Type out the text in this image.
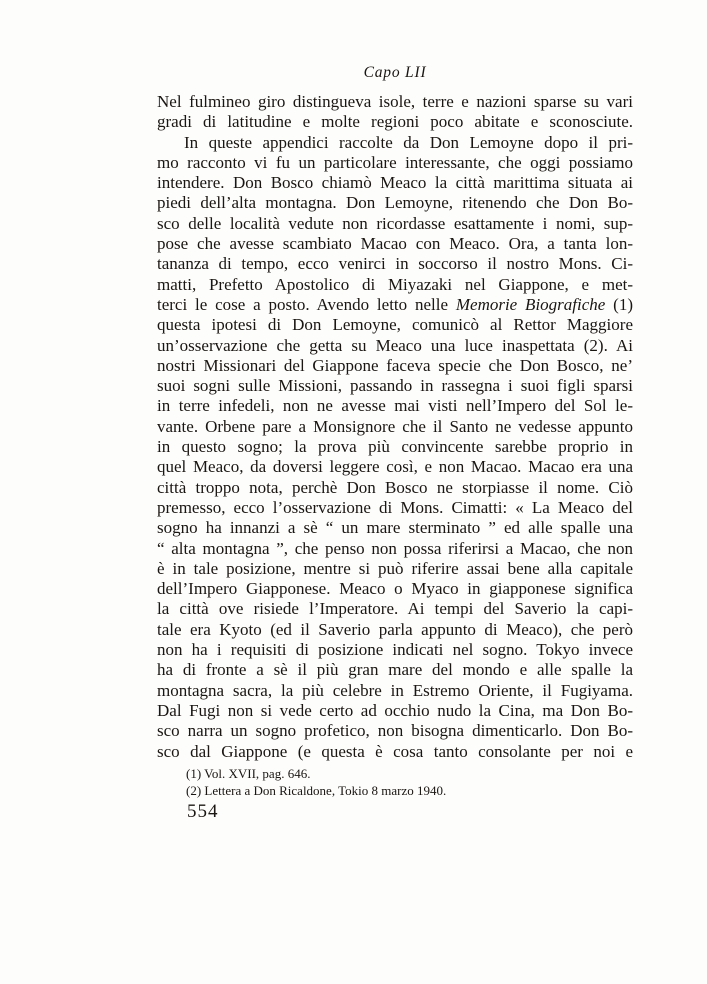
Capo LII
Nel fulmineo giro distingueva isole, terre e nazioni sparse su vari
gradi di latitudine e molte regioni poco abitate e sconosciute.
In queste appendici raccolte da Don Lemoyne dopo il pri-
mo racconto vi fu un particolare interessante, che oggi possiamo
intendere. Don Bosco chiamò Meaco la città marittima situata ai
piedi dell’alta montagna. Don Lemoyne, ritenendo che Don Bo-
sco delle località vedute non ricordasse esattamente i nomi, sup-
pose che avesse scambiato Macao con Meaco. Ora, a tanta lon-
tananza di tempo, ecco venirci in soccorso il nostro Mons. Ci-
matti, Prefetto Apostolico di Miyazaki nel Giappone, e met-
terci le cose a posto. Avendo letto nelle Memorie Biografiche (1)
questa ipotesi di Don Lemoyne, comunicò al Rettor Maggiore
un’osservazione che getta su Meaco una luce inaspettata (2). Ai
nostri Missionari del Giappone faceva specie che Don Bosco, ne’
suoi sogni sulle Missioni, passando in rassegna i suoi figli sparsi
in terre infedeli, non ne avesse mai visti nell’Impero del Sol le-
vante. Orbene pare a Monsignore che il Santo ne vedesse appunto
in questo sogno; la prova più convincente sarebbe proprio in
quel Meaco, da doversi leggere così, e non Macao. Macao era una
città troppo nota, perchè Don Bosco ne storpiasse il nome. Ciò
premesso, ecco l’osservazione di Mons. Cimatti: « La Meaco del
sogno ha innanzi a sè “ un mare sterminato ” ed alle spalle una
“ alta montagna ”, che penso non possa riferirsi a Macao, che non
è in tale posizione, mentre si può riferire assai bene alla capitale
dell’Impero Giapponese. Meaco o Myaco in giapponese significa
la città ove risiede l’Imperatore. Ai tempi del Saverio la capi-
tale era Kyoto (ed il Saverio parla appunto di Meaco), che però
non ha i requisiti di posizione indicati nel sogno. Tokyo invece
ha di fronte a sè il più gran mare del mondo e alle spalle la
montagna sacra, la più celebre in Estremo Oriente, il Fugiyama.
Dal Fugi non si vede certo ad occhio nudo la Cina, ma Don Bo-
sco narra un sogno profetico, non bisogna dimenticarlo. Don Bo-
sco dal Giappone (e questa è cosa tanto consolante per noi e
(1) Vol. XVII, pag. 646.
(2) Lettera a Don Ricaldone, Tokio 8 marzo 1940.
554
